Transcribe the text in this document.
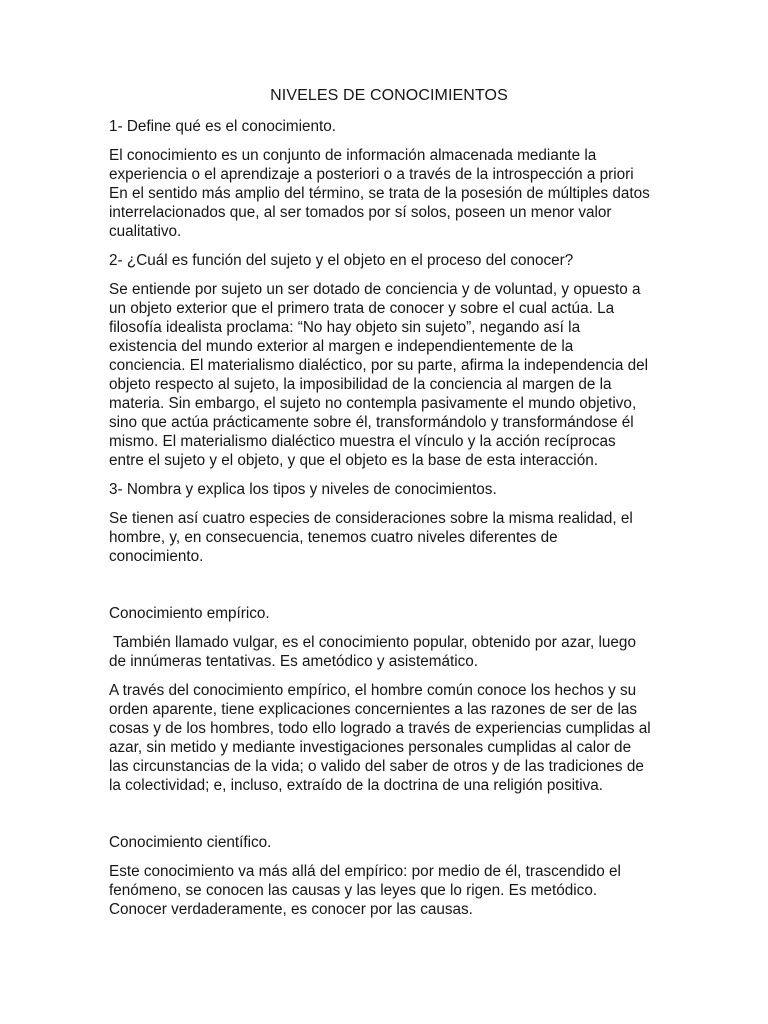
NIVELES DE CONOCIMIENTOS

1- Define qué es el conocimiento.

El conocimiento es un conjunto de información almacenada mediante la
experiencia o el aprendizaje a posteriori o a través de la introspección a priori
En el sentido más amplio del término, se trata de la posesión de múltiples datos
interrelacionados que, al ser tomados por sí solos, poseen un menor valor
cualitativo.

2- ¿Cuál es función del sujeto y el objeto en el proceso del conocer?

Se entiende por sujeto un ser dotado de conciencia y de voluntad, y opuesto a
un objeto exterior que el primero trata de conocer y sobre el cual actúa. La
filosofía idealista proclama: “No hay objeto sin sujeto”, negando así la
existencia del mundo exterior al margen e independientemente de la
conciencia. El materialismo dialéctico, por su parte, afirma la independencia del
objeto respecto al sujeto, la imposibilidad de la conciencia al margen de la
materia. Sin embargo, el sujeto no contempla pasivamente el mundo objetivo,
sino que actúa prácticamente sobre él, transformándolo y transformándose él
mismo. El materialismo dialéctico muestra el vínculo y la acción recíprocas
entre el sujeto y el objeto, y que el objeto es la base de esta interacción.

3- Nombra y explica los tipos y niveles de conocimientos.

Se tienen así cuatro especies de consideraciones sobre la misma realidad, el
hombre, y, en consecuencia, tenemos cuatro niveles diferentes de
conocimiento.

Conocimiento empírico.

También llamado vulgar, es el conocimiento popular, obtenido por azar, luego
de innúmeras tentativas. Es ametódico y asistemático.

A través del conocimiento empírico, el hombre común conoce los hechos y su
orden aparente, tiene explicaciones concernientes a las razones de ser de las
cosas y de los hombres, todo ello logrado a través de experiencias cumplidas al
azar, sin metido y mediante investigaciones personales cumplidas al calor de
las circunstancias de la vida; o valido del saber de otros y de las tradiciones de
la colectividad; e, incluso, extraído de la doctrina de una religión positiva.

Conocimiento científico.

Este conocimiento va más allá del empírico: por medio de él, trascendido el
fenómeno, se conocen las causas y las leyes que lo rigen. Es metódico.
Conocer verdaderamente, es conocer por las causas.
